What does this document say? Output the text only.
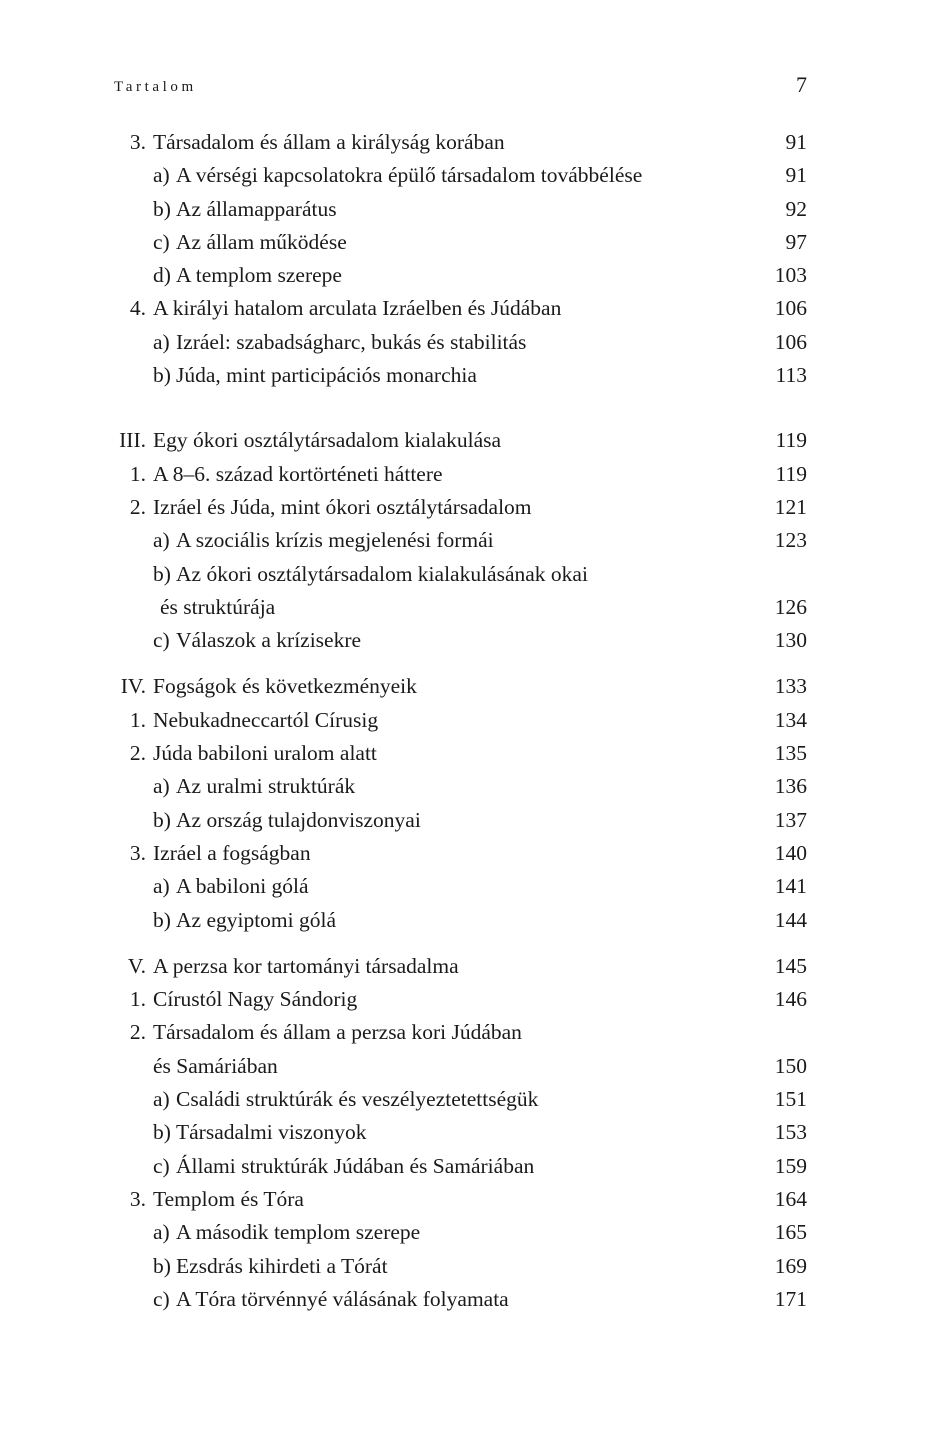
Tartalom	7
3. Társadalom és állam a királyság korában	91
a) A vérségi kapcsolatokra épülő társadalom továbbélése	91
b) Az államapparátus	92
c) Az állam működése	97
d) A templom szerepe	103
4. A királyi hatalom arculata Izráelben és Júdában	106
a) Izráel: szabadságharc, bukás és stabilitás	106
b) Júda, mint participációs monarchia	113
III. Egy ókori osztálytársadalom kialakulása	119
1. A 8–6. század kortörténeti háttere	119
2. Izráel és Júda, mint ókori osztálytársadalom	121
a) A szociális krízis megjelenési formái	123
b) Az ókori osztálytársadalom kialakulásának okai
és struktúrája	126
c) Válaszok a krízisekre	130
IV. Fogságok és következményeik	133
1. Nebukadneccartól Círusig	134
2. Júda babiloni uralom alatt	135
a) Az uralmi struktúrák	136
b) Az ország tulajdonviszonyai	137
3. Izráel a fogságban	140
a) A babiloni gólá	141
b) Az egyiptomi gólá	144
V. A perzsa kor tartományi társadalma	145
1. Círustól Nagy Sándorig	146
2. Társadalom és állam a perzsa kori Júdában
és Samáriában	150
a) Családi struktúrák és veszélyeztetettségük	151
b) Társadalmi viszonyok	153
c) Állami struktúrák Júdában és Samáriában	159
3. Templom és Tóra	164
a) A második templom szerepe	165
b) Ezsdrás kihirdeti a Tórát	169
c) A Tóra törvénnyé válásának folyamata	171
